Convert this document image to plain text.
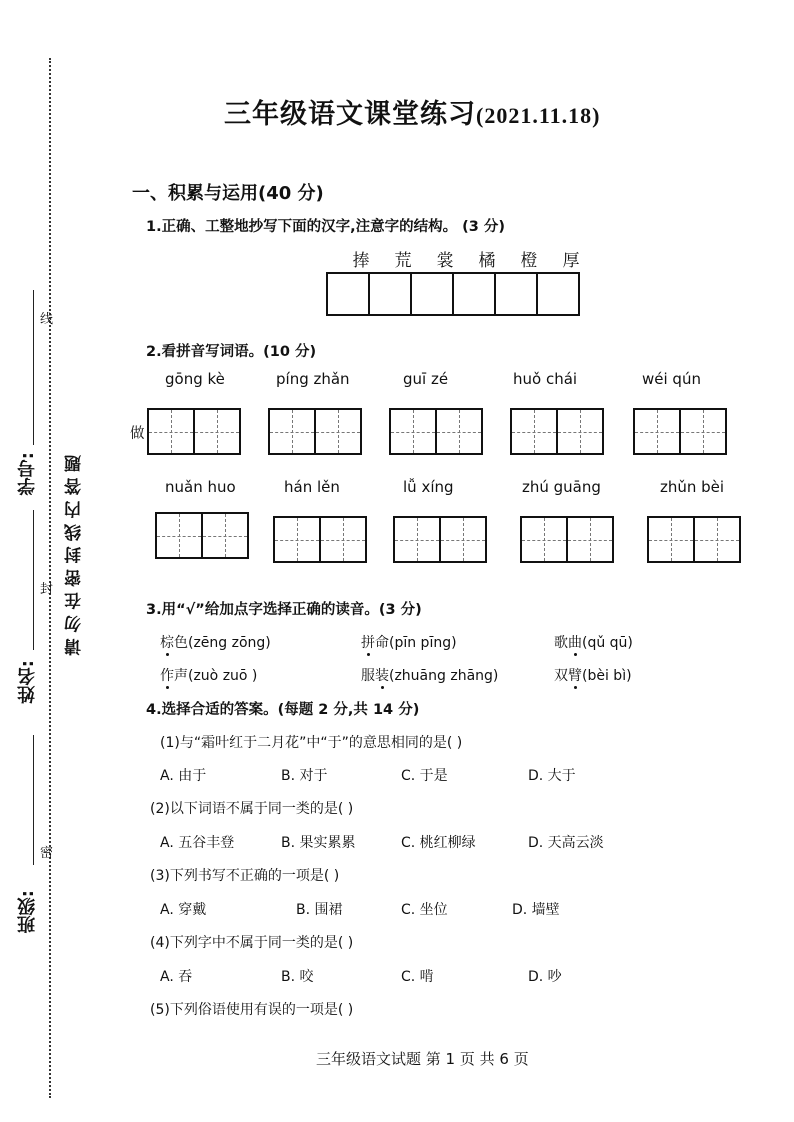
线
封
密
学号:
姓名:
班级:
请 勿 在 密 封 线 内 答 题
三年级语文课堂练习(2021.11.18)
一、积累与运用(40 分)
1.正确、工整地抄写下面的汉字,注意字的结构。 (3 分)
捧 荒 裳 橘 橙 厚
2.看拼音写词语。(10 分)
gōng kè	píng zhǎn	guī zé	huǒ chái	wéi qún
做
nuǎn huo	hán lěn	lǚ xíng	zhú guāng	zhǔn bèi
3.用“√”给加点字选择正确的读音。(3 分)
棕色(zēng zōng)	拼命(pīn pīng)	歌曲(qǔ qū)
作声(zuò zuō )	服装(zhuāng zhāng)	双臂(bèi bì)
4.选择合适的答案。(每题 2 分,共 14 分)
(1)与“霜叶红于二月花”中“于”的意思相同的是( )
A. 由于	B. 对于	C. 于是	D. 大于
(2)以下词语不属于同一类的是( )
A. 五谷丰登	B. 果实累累	C. 桃红柳绿	D. 天高云淡
(3)下列书写不正确的一项是( )
A. 穿戴	B. 围裙	C. 坐位	D. 墙壁
(4)下列字中不属于同一类的是( )
A. 吞	B. 咬	C. 啃	D. 吵
(5)下列俗语使用有误的一项是( )
三年级语文试题 第 1 页 共 6 页
